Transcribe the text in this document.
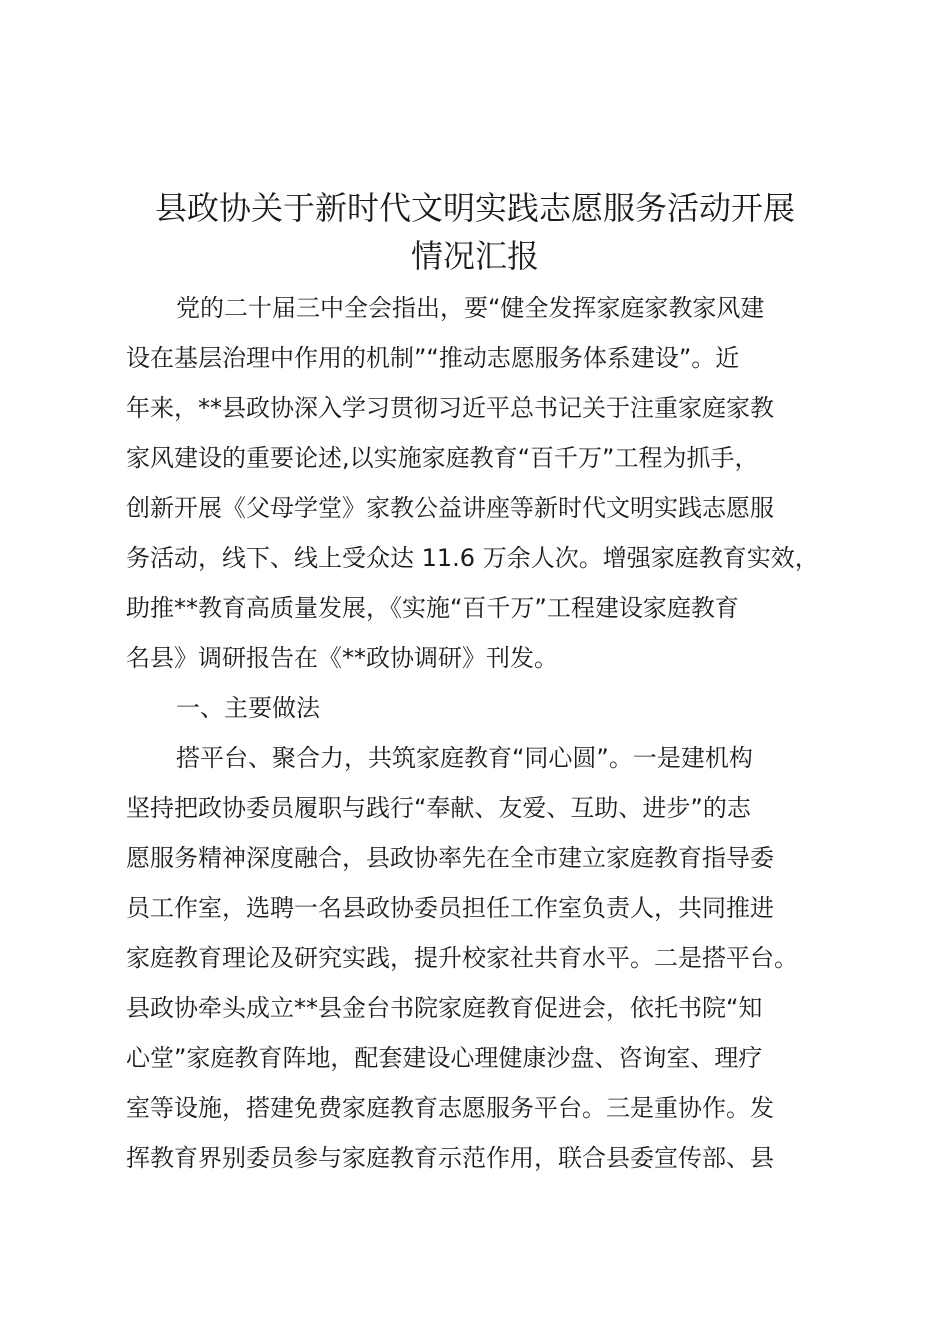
县政协关于新时代文明实践志愿服务活动开展
情况汇报
党的二十届三中全会指出，要“健全发挥家庭家教家风建
设在基层治理中作用的机制”“推动志愿服务体系建设”。近
年来，**县政协深入学习贯彻习近平总书记关于注重家庭家教
家风建设的重要论述,以实施家庭教育“百千万”工程为抓手，
创新开展《父母学堂》家教公益讲座等新时代文明实践志愿服
务活动，线下、线上受众达 11.6 万余人次。增强家庭教育实效，
助推**教育高质量发展，《实施“百千万”工程建设家庭教育
名县》调研报告在《**政协调研》刊发。
一、主要做法
搭平台、聚合力，共筑家庭教育“同心圆”。一是建机构
坚持把政协委员履职与践行“奉献、友爱、互助、进步”的志
愿服务精神深度融合，县政协率先在全市建立家庭教育指导委
员工作室，选聘一名县政协委员担任工作室负责人，共同推进
家庭教育理论及研究实践，提升校家社共育水平。二是搭平台。
县政协牵头成立**县金台书院家庭教育促进会，依托书院“知
心堂”家庭教育阵地，配套建设心理健康沙盘、咨询室、理疗
室等设施，搭建免费家庭教育志愿服务平台。三是重协作。发
挥教育界别委员参与家庭教育示范作用，联合县委宣传部、县
